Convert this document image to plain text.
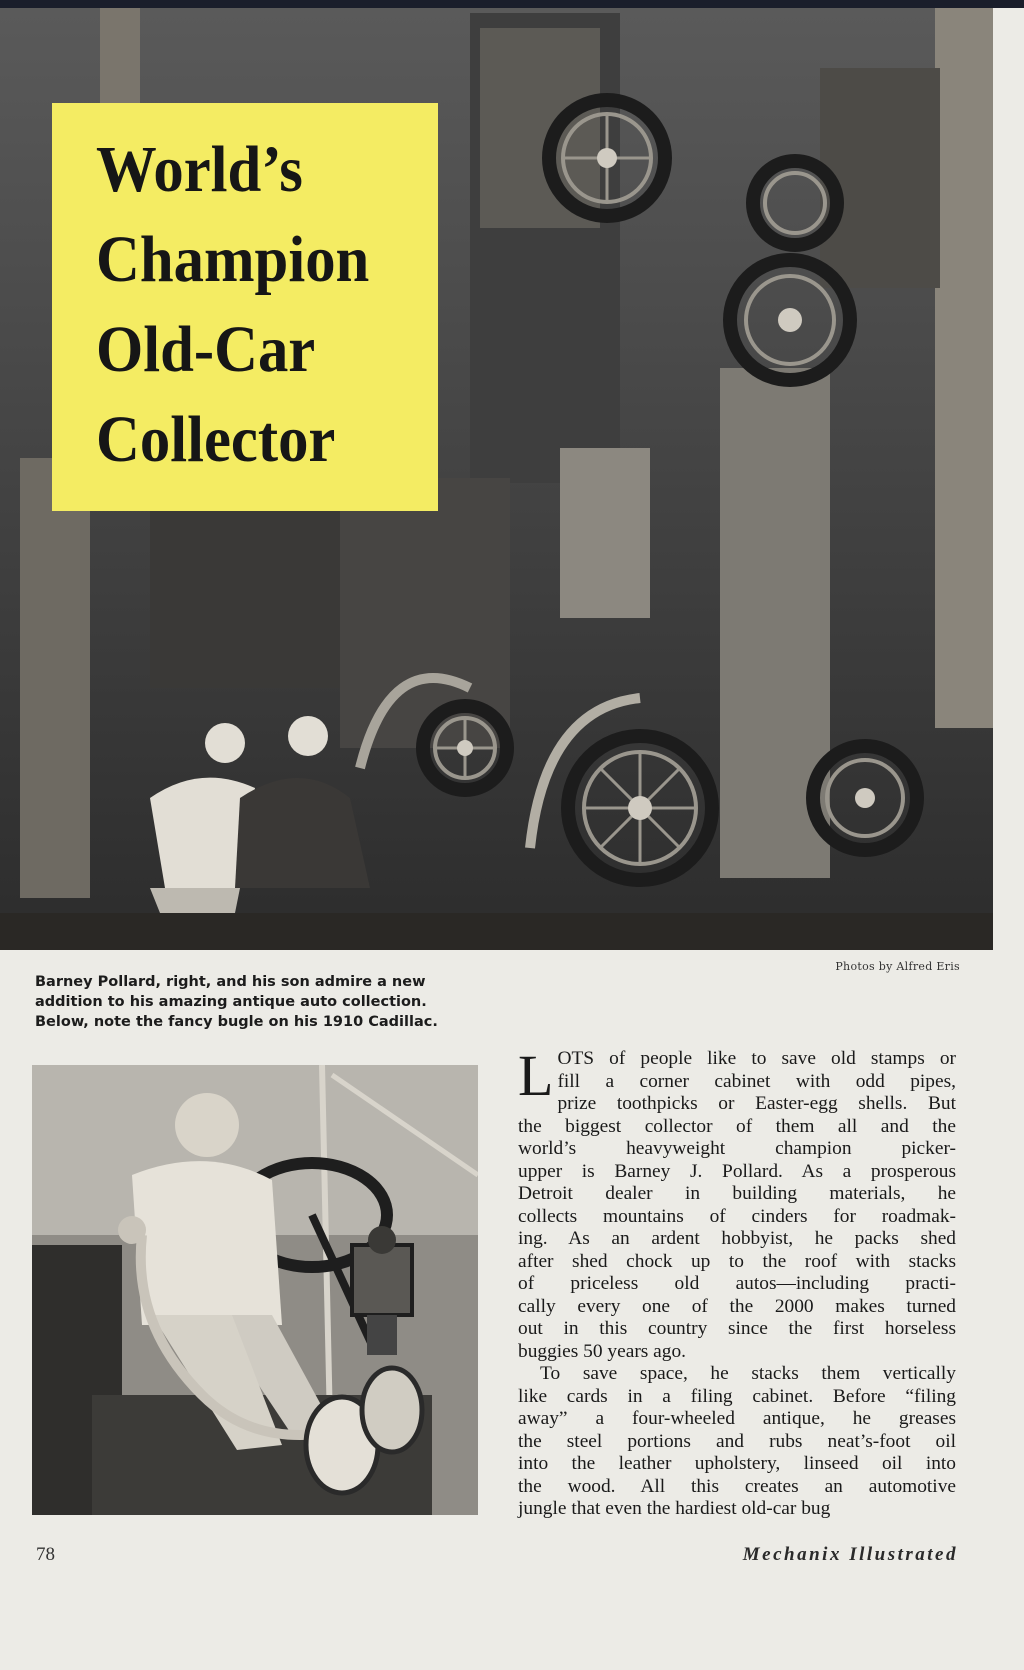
World’s
Champion
Old-Car
Collector
Photos by Alfred Eris
Barney Pollard, right, and his son admire a new
addition to his amazing antique auto collection.
Below, note the fancy bugle on his 1910 Cadillac.
L OTS of people like to save old stamps or
fill a corner cabinet with odd pipes,
prize toothpicks or Easter-egg shells. But
the biggest collector of them all and the
world’s heavyweight champion picker-
upper is Barney J. Pollard. As a prosperous
Detroit dealer in building materials, he
collects mountains of cinders for roadmak-
ing. As an ardent hobbyist, he packs shed
after shed chock up to the roof with stacks
of priceless old autos—including practi-
cally every one of the 2000 makes turned
out in this country since the first horseless
buggies 50 years ago.
To save space, he stacks them vertically
like cards in a filing cabinet. Before “filing
away” a four-wheeled antique, he greases
the steel portions and rubs neat’s-foot oil
into the leather upholstery, linseed oil into
the wood. All this creates an automotive
jungle that even the hardiest old-car bug
78	Mechanix Illustrated
